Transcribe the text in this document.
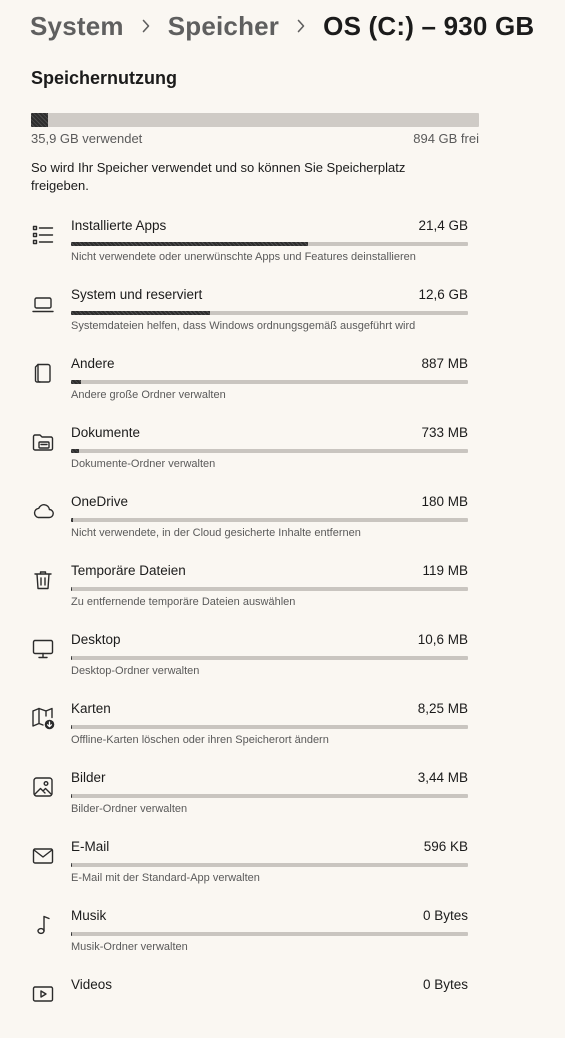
System Speicher OS (C:) – 930 GB
Speichernutzung
35,9 GB verwendet	894 GB frei
So wird Ihr Speicher verwendet und so können Sie Speicherplatz freigeben.
Installierte Apps	21,4 GB
Nicht verwendete oder unerwünschte Apps und Features deinstallieren
System und reserviert	12,6 GB
Systemdateien helfen, dass Windows ordnungsgemäß ausgeführt wird
Andere	887 MB
Andere große Ordner verwalten
Dokumente	733 MB
Dokumente-Ordner verwalten
OneDrive	180 MB
Nicht verwendete, in der Cloud gesicherte Inhalte entfernen
Temporäre Dateien	119 MB
Zu entfernende temporäre Dateien auswählen
Desktop	10,6 MB
Desktop-Ordner verwalten
Karten	8,25 MB
Offline-Karten löschen oder ihren Speicherort ändern
Bilder	3,44 MB
Bilder-Ordner verwalten
E-Mail	596 KB
E-Mail mit der Standard-App verwalten
Musik	0 Bytes
Musik-Ordner verwalten
Videos	0 Bytes
